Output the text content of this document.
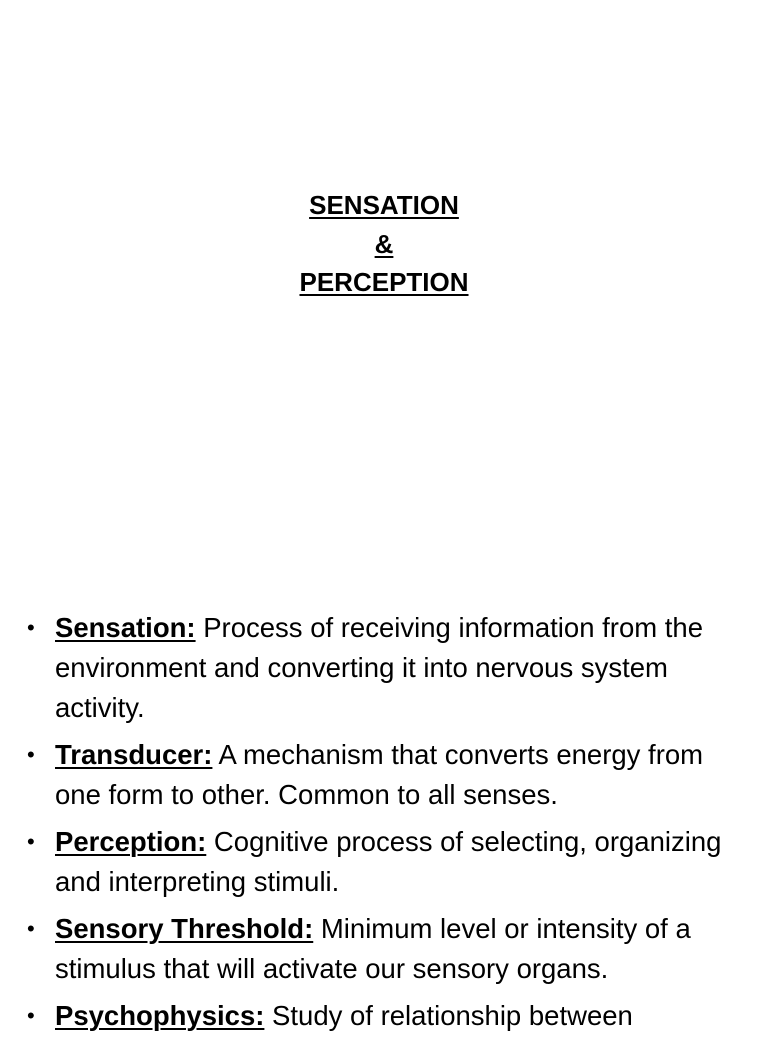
SENSATION
&
PERCEPTION
• Sensation: Process of receiving information from the environment and converting it into nervous system activity.
• Transducer: A mechanism that converts energy from one form to other. Common to all senses.
• Perception: Cognitive process of selecting, organizing and interpreting stimuli.
• Sensory Threshold: Minimum level or intensity of a stimulus that will activate our sensory organs.
• Psychophysics: Study of relationship between
